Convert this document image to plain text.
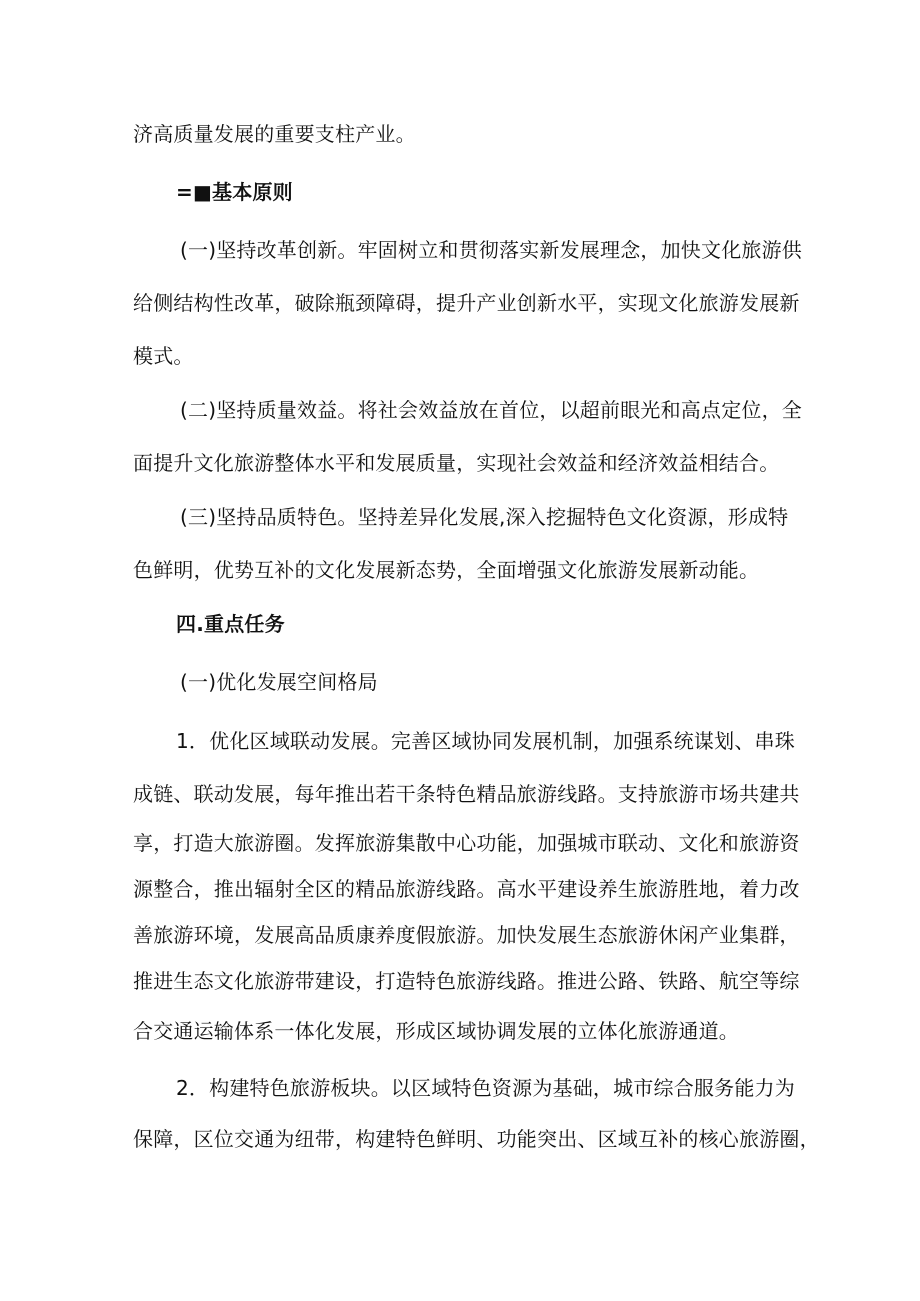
济高质量发展的重要支柱产业。
=■基本原则
(一)坚持改革创新。牢固树立和贯彻落实新发展理念，加快文化旅游供
给侧结构性改革，破除瓶颈障碍，提升产业创新水平，实现文化旅游发展新
模式。
(二)坚持质量效益。将社会效益放在首位，以超前眼光和高点定位，全
面提升文化旅游整体水平和发展质量，实现社会效益和经济效益相结合。
(三)坚持品质特色。坚持差异化发展,深入挖掘特色文化资源，形成特
色鲜明，优势互补的文化发展新态势，全面增强文化旅游发展新动能。
四.重点任务
(一)优化发展空间格局
1．优化区域联动发展。完善区域协同发展机制，加强系统谋划、串珠
成链、联动发展，每年推出若干条特色精品旅游线路。支持旅游市场共建共
享，打造大旅游圈。发挥旅游集散中心功能，加强城市联动、文化和旅游资
源整合，推出辐射全区的精品旅游线路。高水平建设养生旅游胜地，着力改
善旅游环境，发展高品质康养度假旅游。加快发展生态旅游休闲产业集群，
推进生态文化旅游带建设，打造特色旅游线路。推进公路、铁路、航空等综
合交通运输体系一体化发展，形成区域协调发展的立体化旅游通道。
2．构建特色旅游板块。以区域特色资源为基础，城市综合服务能力为
保障，区位交通为纽带，构建特色鲜明、功能突出、区域互补的核心旅游圈，
